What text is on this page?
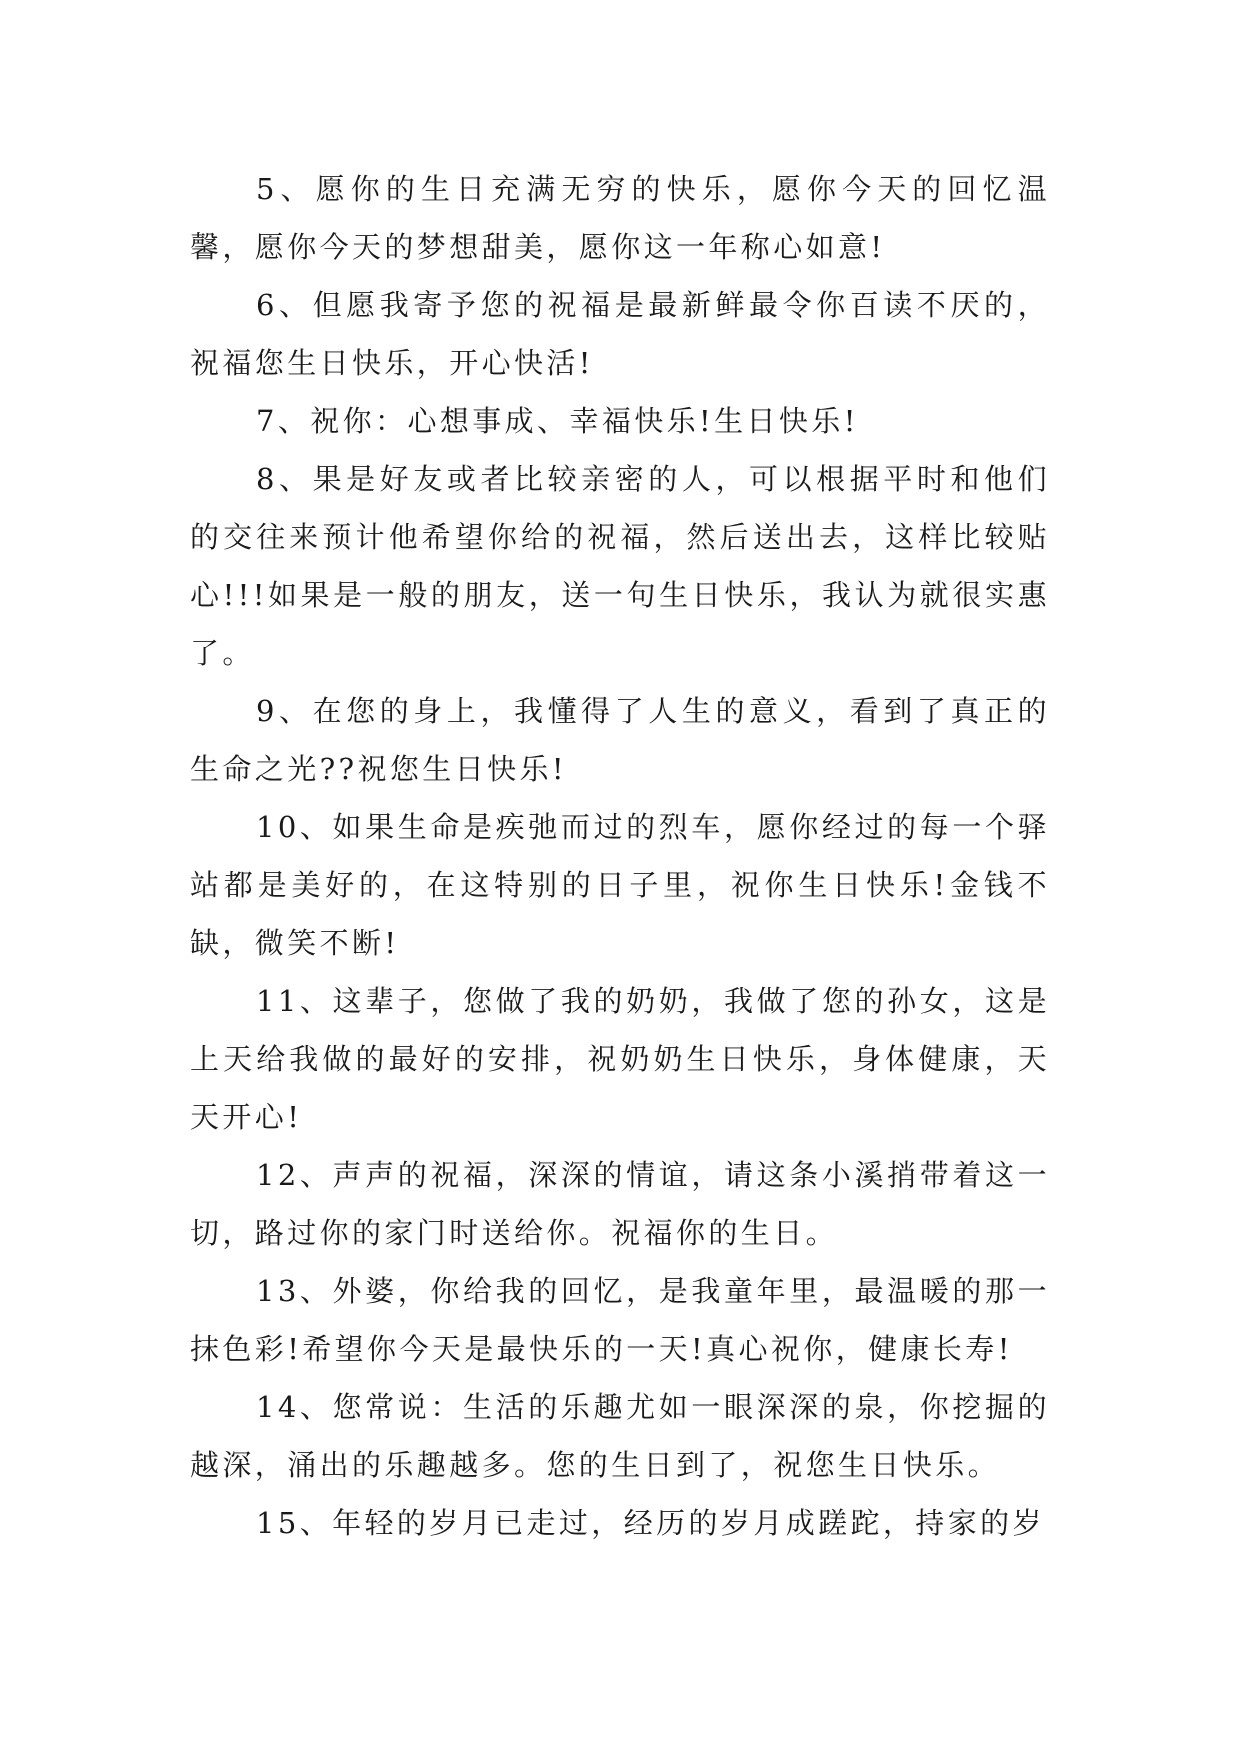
5、愿你的生日充满无穷的快乐，愿你今天的回忆温馨，愿你今天的梦想甜美，愿你这一年称心如意!

6、但愿我寄予您的祝福是最新鲜最令你百读不厌的，祝福您生日快乐，开心快活!

7、祝你：心想事成、幸福快乐!生日快乐!

8、果是好友或者比较亲密的人，可以根据平时和他们的交往来预计他希望你给的祝福，然后送出去，这样比较贴心!!!如果是一般的朋友，送一句生日快乐，我认为就很实惠了。

9、在您的身上，我懂得了人生的意义，看到了真正的生命之光??祝您生日快乐!

10、如果生命是疾弛而过的烈车，愿你经过的每一个驿站都是美好的，在这特别的日子里，祝你生日快乐!金钱不缺，微笑不断!

11、这辈子，您做了我的奶奶，我做了您的孙女，这是上天给我做的最好的安排，祝奶奶生日快乐，身体健康，天天开心!

12、声声的祝福，深深的情谊，请这条小溪捎带着这一切，路过你的家门时送给你。祝福你的生日。

13、外婆，你给我的回忆，是我童年里，最温暖的那一抹色彩!希望你今天是最快乐的一天!真心祝你，健康长寿!

14、您常说：生活的乐趣尤如一眼深深的泉，你挖掘的越深，涌出的乐趣越多。您的生日到了，祝您生日快乐。

15、年轻的岁月已走过，经历的岁月成蹉跎，持家的岁
